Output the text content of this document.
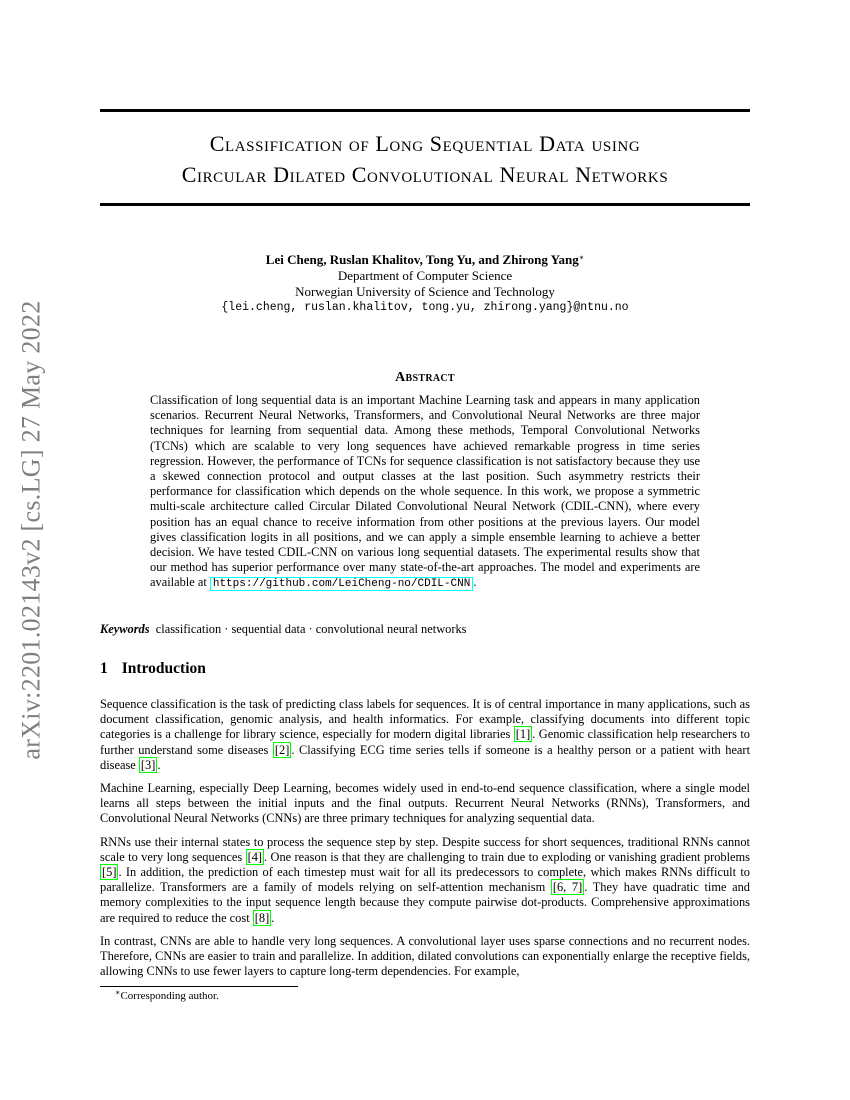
arXiv:2201.02143v2 [cs.LG] 27 May 2022
Classification of Long Sequential Data using
Circular Dilated Convolutional Neural Networks
Lei Cheng, Ruslan Khalitov, Tong Yu, and Zhirong Yang∗
Department of Computer Science
Norwegian University of Science and Technology
{lei.cheng, ruslan.khalitov, tong.yu, zhirong.yang}@ntnu.no
Abstract
Classification of long sequential data is an important Machine Learning task and appears in many application scenarios. Recurrent Neural Networks, Transformers, and Convolutional Neural Networks are three major techniques for learning from sequential data. Among these methods, Temporal Convolutional Networks (TCNs) which are scalable to very long sequences have achieved remarkable progress in time series regression. However, the performance of TCNs for sequence classification is not satisfactory because they use a skewed connection protocol and output classes at the last position. Such asymmetry restricts their performance for classification which depends on the whole sequence. In this work, we propose a symmetric multi-scale architecture called Circular Dilated Convolutional Neural Network (CDIL-CNN), where every position has an equal chance to receive information from other positions at the previous layers. Our model gives classification logits in all positions, and we can apply a simple ensemble learning to achieve a better decision. We have tested CDIL-CNN on various long sequential datasets. The experimental results show that our method has superior performance over many state-of-the-art approaches. The model and experiments are available at https://github.com/LeiCheng-no/CDIL-CNN .
Keywords classification · sequential data · convolutional neural networks
1 Introduction

Sequence classification is the task of predicting class labels for sequences. It is of central importance in many applications, such as document classification, genomic analysis, and health informatics. For example, classifying documents into different topic categories is a challenge for library science, especially for modern digital libraries [1] . Genomic classification help researchers to further understand some diseases [2] . Classifying ECG time series tells if someone is a healthy person or a patient with heart disease [3] .

Machine Learning, especially Deep Learning, becomes widely used in end-to-end sequence classification, where a single model learns all steps between the initial inputs and the final outputs. Recurrent Neural Networks (RNNs), Transformers, and Convolutional Neural Networks (CNNs) are three primary techniques for analyzing sequential data.

RNNs use their internal states to process the sequence step by step. Despite success for short sequences, traditional RNNs cannot scale to very long sequences [4] . One reason is that they are challenging to train due to exploding or vanishing gradient problems [5] . In addition, the prediction of each timestep must wait for all its predecessors to complete, which makes RNNs difficult to parallelize. Transformers are a family of models relying on self-attention mechanism [6, 7] . They have quadratic time and memory complexities to the input sequence length because they compute pairwise dot-products. Comprehensive approximations are required to reduce the cost [8] .

In contrast, CNNs are able to handle very long sequences. A convolutional layer uses sparse connections and no recurrent nodes. Therefore, CNNs are easier to train and parallelize. In addition, dilated convolutions can exponentially enlarge the receptive fields, allowing CNNs to use fewer layers to capture long-term dependencies. For example,

∗Corresponding author.
